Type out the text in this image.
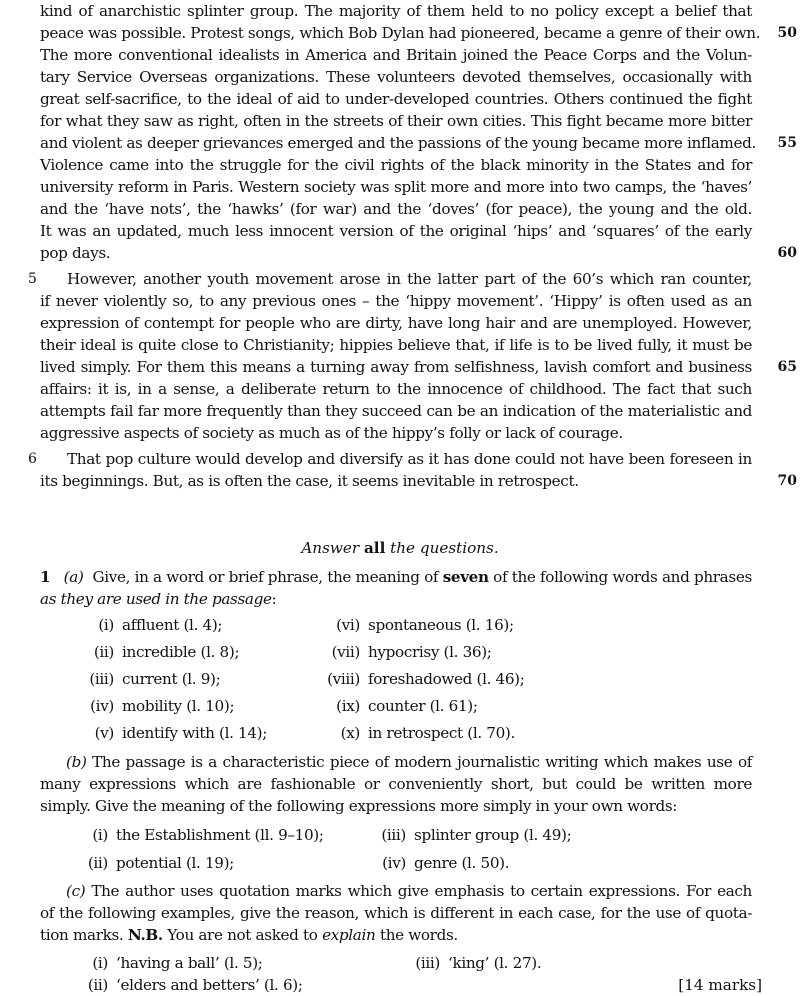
kind of anarchistic splinter group. The majority of them held to no policy except a belief that
peace was possible. Protest songs, which Bob Dylan had pioneered, became a genre of their own. 50
The more conventional idealists in America and Britain joined the Peace Corps and the Volun-
tary Service Overseas organizations. These volunteers devoted themselves, occasionally with
great self-sacrifice, to the ideal of aid to under-developed countries. Others continued the fight
for what they saw as right, often in the streets of their own cities. This fight became more bitter
and violent as deeper grievances emerged and the passions of the young became more inflamed. 55
Violence came into the struggle for the civil rights of the black minority in the States and for
university reform in Paris. Western society was split more and more into two camps, the ‘haves’
and the ‘have nots’, the ‘hawks’ (for war) and the ‘doves’ (for peace), the young and the old.
It was an updated, much less innocent version of the original ‘hips’ and ‘squares’ of the early
pop days.	60
5 However, another youth movement arose in the latter part of the 60’s which ran counter,
if never violently so, to any previous ones – the ‘hippy movement’. ‘Hippy’ is often used as an
expression of contempt for people who are dirty, have long hair and are unemployed. However,
their ideal is quite close to Christianity; hippies believe that, if life is to be lived fully, it must be
lived simply. For them this means a turning away from selfishness, lavish comfort and business 65
affairs: it is, in a sense, a deliberate return to the innocence of childhood. The fact that such
attempts fail far more frequently than they succeed can be an indication of the materialistic and
aggressive aspects of society as much as of the hippy’s folly or lack of courage.
6 That pop culture would develop and diversify as it has done could not have been foreseen in
its beginnings. But, as is often the case, it seems inevitable in retrospect.	70
Answer all the questions.
1 (a) Give, in a word or brief phrase, the meaning of seven of the following words and phrases
as they are used in the passage:
(i) affluent (l. 4);
(ii) incredible (l. 8);
(iii) current (l. 9);
(iv) mobility (l. 10);
(v) identify with (l. 14);
(vi) spontaneous (l. 16);
(vii) hypocrisy (l. 36);
(viii) foreshadowed (l. 46);
(ix) counter (l. 61);
(x) in retrospect (l. 70).
(b) The passage is a characteristic piece of modern journalistic writing which makes use of
many expressions which are fashionable or conveniently short, but could be written more
simply. Give the meaning of the following expressions more simply in your own words:
(i) the Establishment (ll. 9–10);
(ii) potential (l. 19);
(iii) splinter group (l. 49);
(iv) genre (l. 50).
(c) The author uses quotation marks which give emphasis to certain expressions. For each
of the following examples, give the reason, which is different in each case, for the use of quota-
tion marks. N.B. You are not asked to explain the words.
(i) ‘having a ball’ (l. 5);
(ii) ‘elders and betters’ (l. 6);
(iii) ‘king’ (l. 27).
[14 marks]
